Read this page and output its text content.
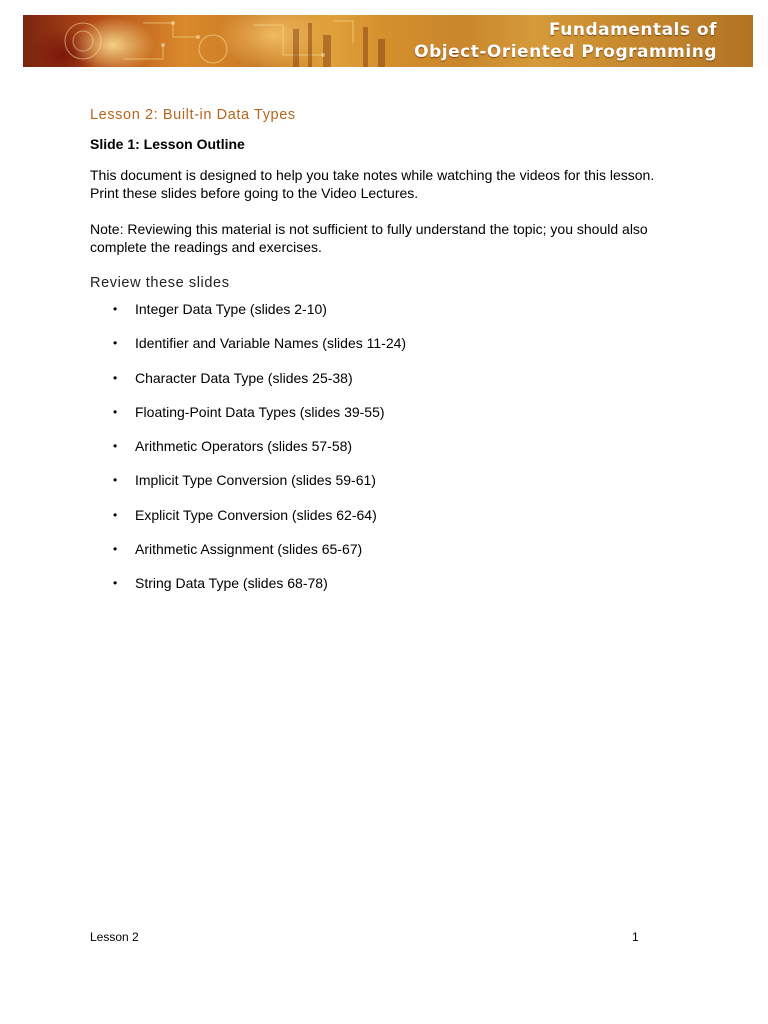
Fundamentals of
Object-Oriented Programming
Lesson 2: Built-in Data Types
Slide 1: Lesson Outline

This document is designed to help you take notes while watching the videos for this lesson. Print these slides before going to the Video Lectures.

Note: Reviewing this material is not sufficient to fully understand the topic; you should also complete the readings and exercises.

Review these slides
• Integer Data Type (slides 2-10)
• Identifier and Variable Names (slides 11-24)
• Character Data Type (slides 25-38)
• Floating-Point Data Types (slides 39-55)
• Arithmetic Operators (slides 57-58)
• Implicit Type Conversion (slides 59-61)
• Explicit Type Conversion (slides 62-64)
• Arithmetic Assignment (slides 65-67)
• String Data Type (slides 68-78)
Lesson 2	1
